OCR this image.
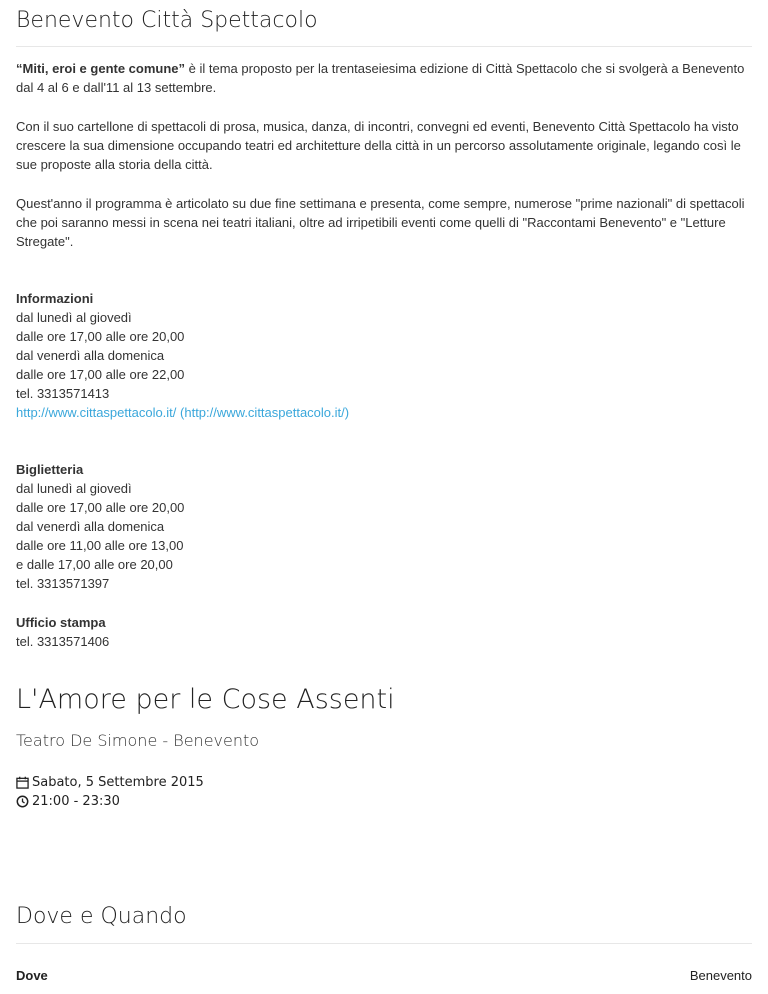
Benevento Città Spettacolo

“Miti, eroi e gente comune” è il tema proposto per la trentaseiesima edizione di Città Spettacolo che si svolgerà a Benevento dal 4 al 6 e dall'11 al 13 settembre.

Con il suo cartellone di spettacoli di prosa, musica, danza, di incontri, convegni ed eventi, Benevento Città Spettacolo ha visto crescere la sua dimensione occupando teatri ed architetture della città in un percorso assolutamente originale, legando così le sue proposte alla storia della città.

Quest'anno il programma è articolato su due fine settimana e presenta, come sempre, numerose "prime nazionali" di spettacoli che poi saranno messi in scena nei teatri italiani, oltre ad irripetibili eventi come quelli di "Raccontami Benevento" e "Letture Stregate".

Informazioni
dal lunedì al giovedì
dalle ore 17,00 alle ore 20,00
dal venerdì alla domenica
dalle ore 17,00 alle ore 22,00
tel. 3313571413
http://www.cittaspettacolo.it/ (http://www.cittaspettacolo.it/)
Biglietteria
dal lunedì al giovedì
dalle ore 17,00 alle ore 20,00
dal venerdì alla domenica
dalle ore 11,00 alle ore 13,00
e dalle 17,00 alle ore 20,00
tel. 3313571397
Ufficio stampa
tel. 3313571406
L'Amore per le Cose Assenti
Teatro De Simone - Benevento
Sabato, 5 Settembre 2015
21:00 - 23:30
Dove e Quando
Dove	Benevento
